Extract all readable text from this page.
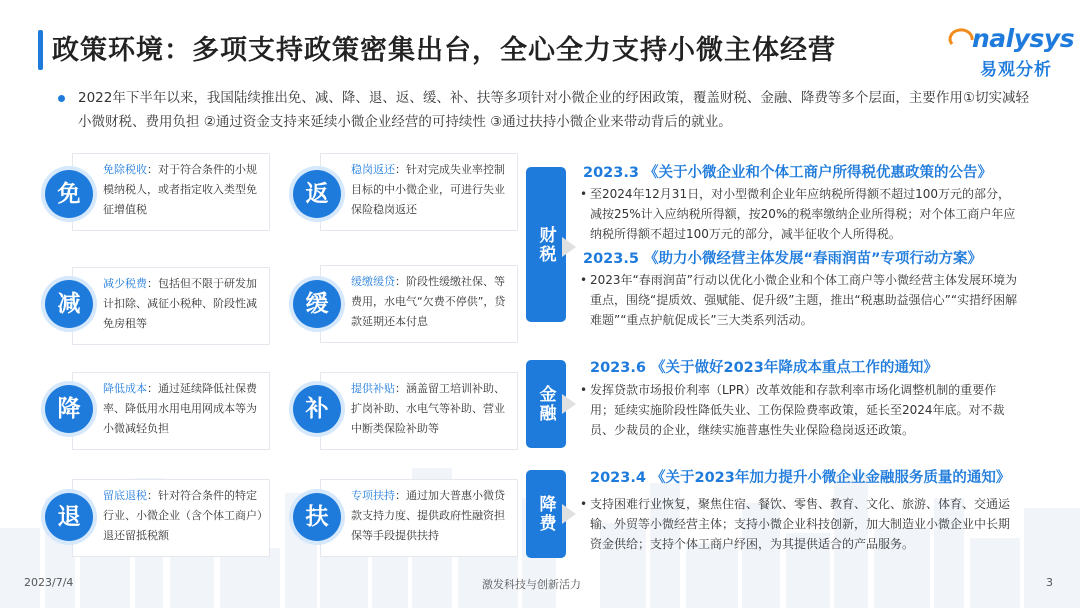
政策环境：多项支持政策密集出台，全心全力支持小微主体经营	nalysys
易观分析
2022年下半年以来，我国陆续推出免、减、降、退、返、缓、补、扶等多项针对小微企业的纾困政策，覆盖财税、金融、降费等多个层面，主要作用①切实减轻小微财税、费用负担 ②通过资金支持来延续小微企业经营的可持续性 ③通过扶持小微企业来带动背后的就业。
免除税收：对于符合条件的小规模纳税人，或者指定收入类型免征增值税
免
减少税费：包括但不限于研发加计扣除、减征小税种、阶段性减免房租等
减
降低成本：通过延续降低社保费率、降低用水用电用网成本等为小微减轻负担
降
留底退税：针对符合条件的特定行业、小微企业（含个体工商户）退还留抵税额
退
稳岗返还：针对完成失业率控制目标的中小微企业，可进行失业保险稳岗返还
返
缓缴缓贷：阶段性缓缴社保、等费用，水电气“欠费不停供”，贷款延期还本付息
缓
提供补贴：涵盖留工培训补助、扩岗补助、水电气等补助、营业中断类保险补助等
补
专项扶持：通过加大普惠小微贷款支持力度、提供政府性融资担保等手段提供扶持
扶
财税
金融
降费
2023.3 《关于小微企业和个体工商户所得税优惠政策的公告》
• 至2024年12月31日，对小型微利企业年应纳税所得额不超过100万元的部分，减按25%计入应纳税所得额，按20%的税率缴纳企业所得税；对个体工商户年应纳税所得额不超过100万元的部分，减半征收个人所得税。
2023.5 《助力小微经营主体发展“春雨润苗”专项行动方案》
• 2023年“春雨润苗”行动以优化小微企业和个体工商户等小微经营主体发展环境为重点，围绕“提质效、强赋能、促升级”主题，推出“税惠助益强信心”“实措纾困解难题”“重点护航促成长”三大类系列活动。
2023.6 《关于做好2023年降成本重点工作的通知》
• 发挥贷款市场报价利率（LPR）改革效能和存款利率市场化调整机制的重要作用；延续实施阶段性降低失业、工伤保险费率政策，延长至2024年底。对不裁员、少裁员的企业，继续实施普惠性失业保险稳岗返还政策。
2023.4 《关于2023年加力提升小微企业金融服务质量的通知》
• 支持困难行业恢复，聚焦住宿、餐饮、零售、教育、文化、旅游、体育、交通运输、外贸等小微经营主体；支持小微企业科技创新，加大制造业小微企业中长期资金供给；支持个体工商户纾困，为其提供适合的产品服务。
2023/7/4	激发科技与创新活力	3
